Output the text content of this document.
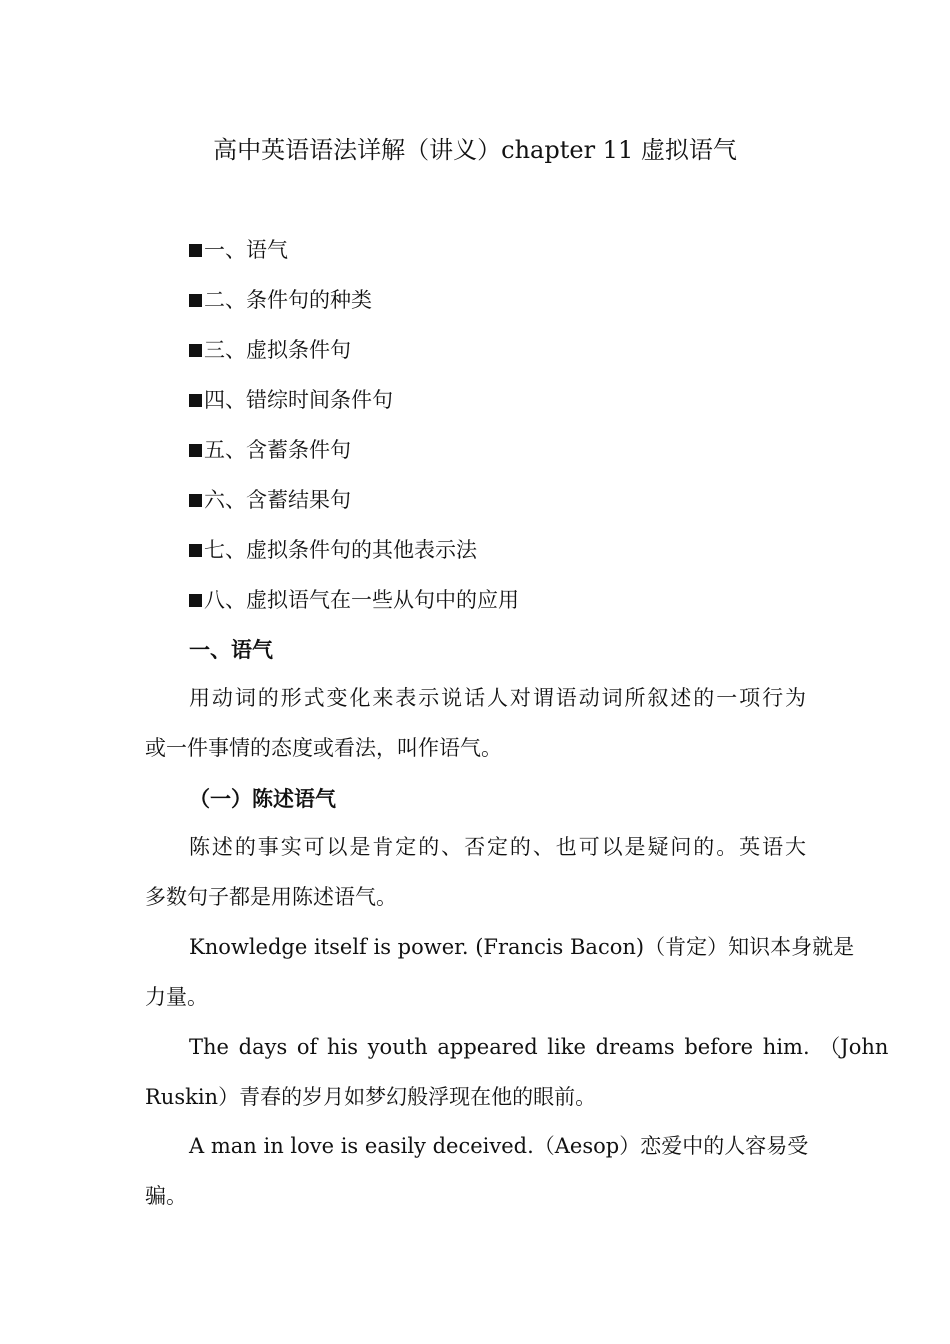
高中英语语法详解（讲义）chapter 11 虚拟语气
一、语气
二、条件句的种类
三、虚拟条件句
四、错综时间条件句
五、含蓄条件句
六、含蓄结果句
七、虚拟条件句的其他表示法
八、虚拟语气在一些从句中的应用
一、语气
用动词的形式变化来表示说话人对谓语动词所叙述的一项行为
或一件事情的态度或看法，叫作语气。
（一）陈述语气
陈述的事实可以是肯定的、否定的、也可以是疑问的。英语大
多数句子都是用陈述语气。
Knowledge itself is power. (Francis Bacon)（肯定）知识本身就是
力量。
The days of his youth appeared like dreams before him. （John
Ruskin）青春的岁月如梦幻般浮现在他的眼前。
A man in love is easily deceived.（Aesop）恋爱中的人容易受
骗。
